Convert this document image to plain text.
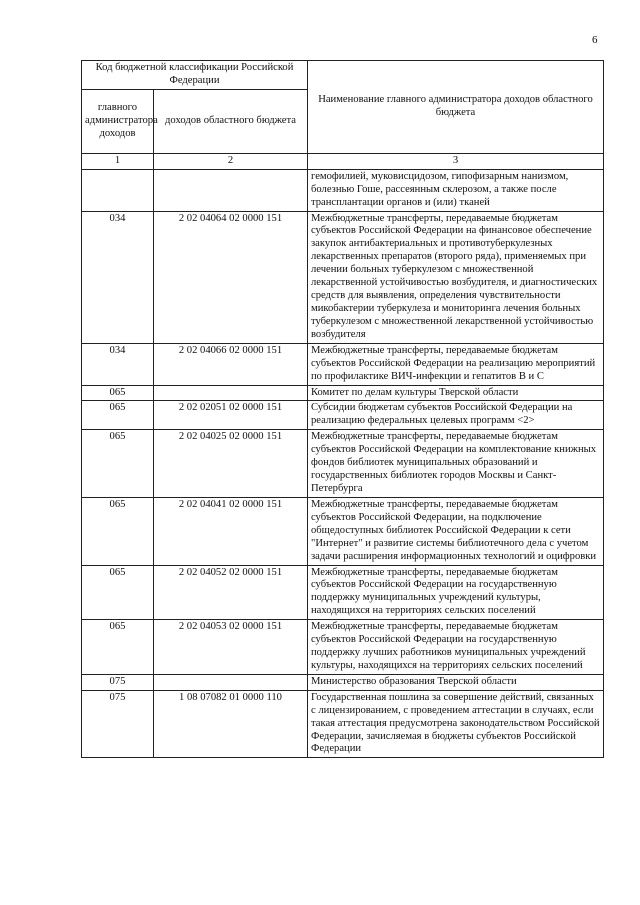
6
Код бюджетной классификации Российской Федерации		Наименование главного администратора доходов областного бюджета
главного администратора доходов	доходов областного бюджета	
1	2	3
		гемофилией, муковисцидозом, гипофизарным нанизмом, болезнью Гоше, рассеянным склерозом, а также после трансплантации органов и (или) тканей
034	2 02 04064 02 0000 151	Межбюджетные трансферты, передаваемые бюджетам субъектов Российской Федерации на финансовое обеспечение закупок антибактериальных и противотуберкулезных лекарственных препаратов (второго ряда), применяемых при лечении больных туберкулезом с множественной лекарственной устойчивостью возбудителя, и диагностических средств для выявления, определения чувствительности микобактерии туберкулеза и мониторинга лечения больных туберкулезом с множественной лекарственной устойчивостью возбудителя
034	2 02 04066 02 0000 151	Межбюджетные трансферты, передаваемые бюджетам субъектов Российской Федерации на реализацию мероприятий по профилактике ВИЧ-инфекции и гепатитов В и С
065		Комитет по делам культуры Тверской области
065	2 02 02051 02 0000 151	Субсидии бюджетам субъектов Российской Федерации на реализацию федеральных целевых программ <2>
065	2 02 04025 02 0000 151	Межбюджетные трансферты, передаваемые бюджетам субъектов Российской Федерации на комплектование книжных фондов библиотек муниципальных образований и государственных библиотек городов Москвы и Санкт-Петербурга
065	2 02 04041 02 0000 151	Межбюджетные трансферты, передаваемые бюджетам субъектов Российской Федерации, на подключение общедоступных библиотек Российской Федерации к сети "Интернет" и развитие системы библиотечного дела с учетом задачи расширения информационных технологий и оцифровки
065	2 02 04052 02 0000 151	Межбюджетные трансферты, передаваемые бюджетам субъектов Российской Федерации на государственную поддержку муниципальных учреждений культуры, находящихся на территориях сельских поселений
065	2 02 04053 02 0000 151	Межбюджетные трансферты, передаваемые бюджетам субъектов Российской Федерации на государственную поддержку лучших работников муниципальных учреждений культуры, находящихся на территориях сельских поселений
075		Министерство образования Тверской области
075	1 08 07082 01 0000 110	Государственная пошлина за совершение действий, связанных с лицензированием, с проведением аттестации в случаях, если такая аттестация предусмотрена законодательством Российской Федерации, зачисляемая в бюджеты субъектов Российской Федерации
